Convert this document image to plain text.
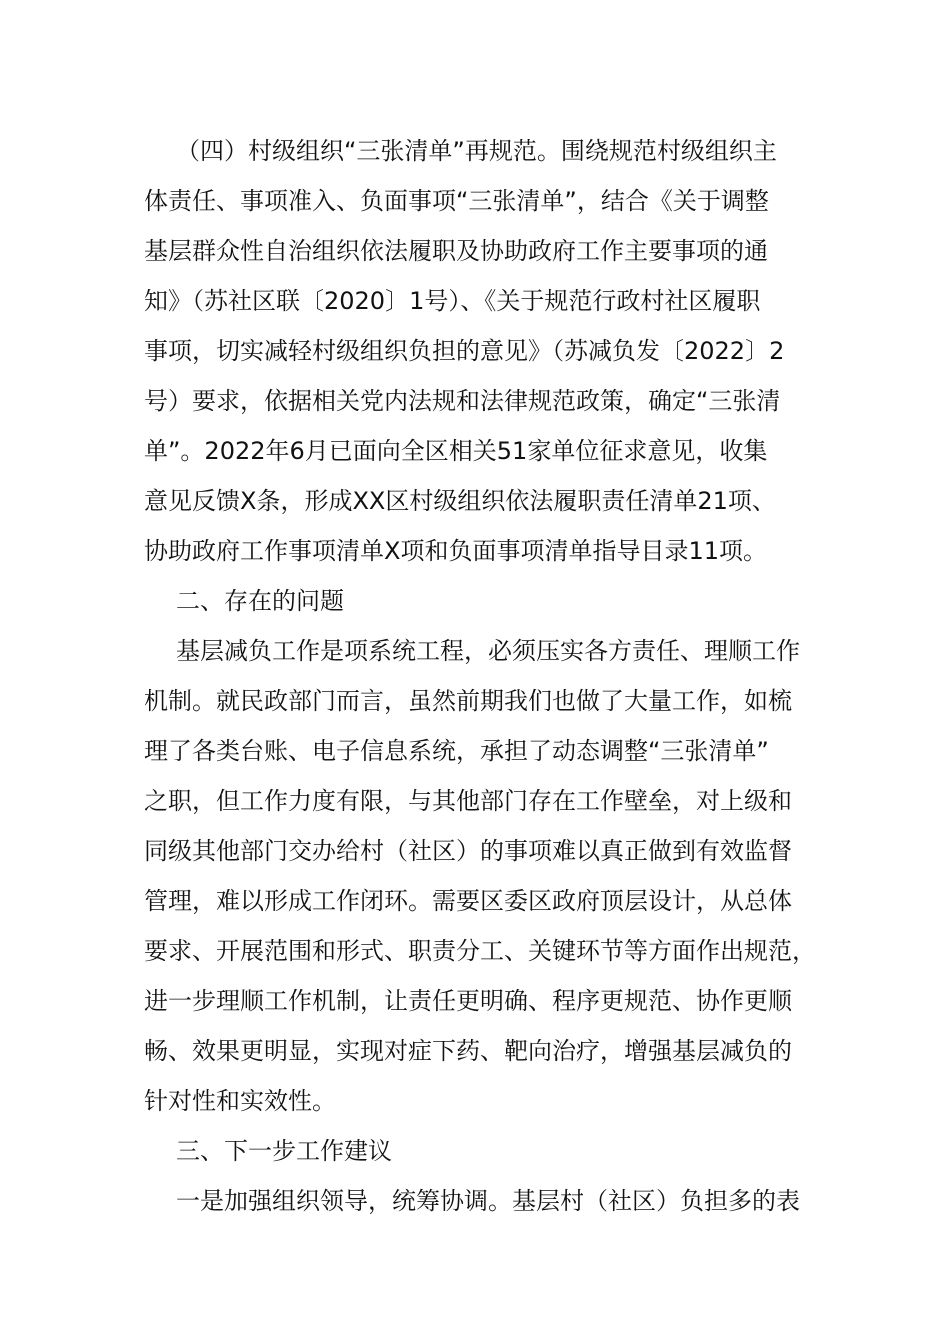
（四）村级组织“三张清单”再规范。围绕规范村级组织主
体责任、事项准入、负面事项“三张清单”，结合《关于调整
基层群众性自治组织依法履职及协助政府工作主要事项的通
知》（苏社区联〔2020〕1号）、《关于规范行政村社区履职
事项，切实减轻村级组织负担的意见》（苏减负发〔2022〕2
号）要求，依据相关党内法规和法律规范政策，确定“三张清
单”。2022年6月已面向全区相关51家单位征求意见，收集
意见反馈X条，形成XX区村级组织依法履职责任清单21项、
协助政府工作事项清单X项和负面事项清单指导目录11项。
二、存在的问题
基层减负工作是项系统工程，必须压实各方责任、理顺工作
机制。就民政部门而言，虽然前期我们也做了大量工作，如梳
理了各类台账、电子信息系统，承担了动态调整“三张清单”
之职，但工作力度有限，与其他部门存在工作壁垒，对上级和
同级其他部门交办给村（社区）的事项难以真正做到有效监督
管理，难以形成工作闭环。需要区委区政府顶层设计，从总体
要求、开展范围和形式、职责分工、关键环节等方面作出规范，
进一步理顺工作机制，让责任更明确、程序更规范、协作更顺
畅、效果更明显，实现对症下药、靶向治疗，增强基层减负的
针对性和实效性。
三、下一步工作建议
一是加强组织领导，统筹协调。基层村（社区）负担多的表
